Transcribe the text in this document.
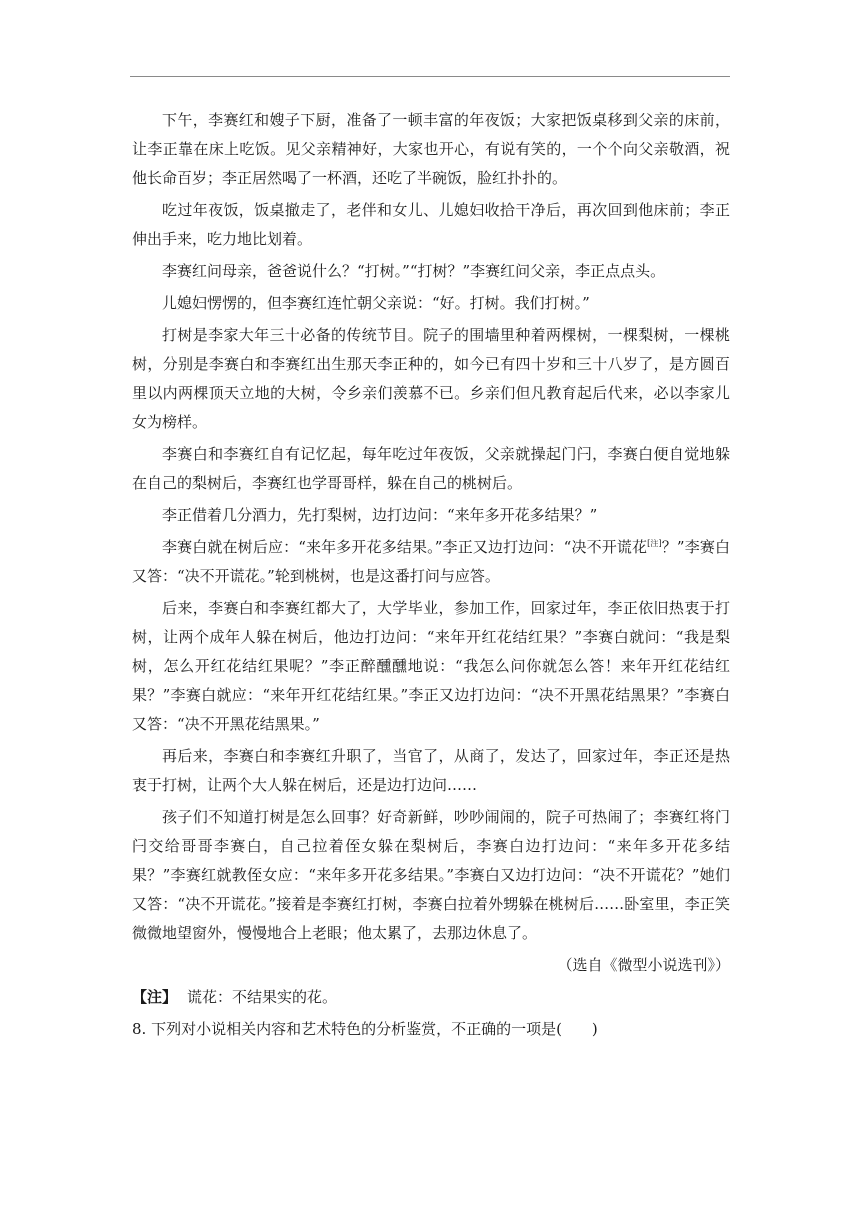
下午，李赛红和嫂子下厨，准备了一顿丰富的年夜饭；大家把饭桌移到父亲的床前，让李正靠在床上吃饭。见父亲精神好，大家也开心，有说有笑的，一个个向父亲敬酒，祝他长命百岁；李正居然喝了一杯酒，还吃了半碗饭，脸红扑扑的。

吃过年夜饭，饭桌撤走了，老伴和女儿、儿媳妇收拾干净后，再次回到他床前；李正伸出手来，吃力地比划着。

李赛红问母亲，爸爸说什么？“打树。”“打树？”李赛红问父亲，李正点点头。

儿媳妇愣愣的，但李赛红连忙朝父亲说：“好。打树。我们打树。”

打树是李家大年三十必备的传统节目。院子的围墙里种着两棵树，一棵梨树，一棵桃树，分别是李赛白和李赛红出生那天李正种的，如今已有四十岁和三十八岁了，是方圆百里以内两棵顶天立地的大树，令乡亲们羡慕不已。乡亲们但凡教育起后代来，必以李家儿女为榜样。

李赛白和李赛红自有记忆起，每年吃过年夜饭，父亲就操起门闩，李赛白便自觉地躲在自己的梨树后，李赛红也学哥哥样，躲在自己的桃树后。

李正借着几分酒力，先打梨树，边打边问：“来年多开花多结果？”

李赛白就在树后应：“来年多开花多结果。”李正又边打边问：“决不开谎花[注]？”李赛白又答：“决不开谎花。”轮到桃树，也是这番打问与应答。

后来，李赛白和李赛红都大了，大学毕业，参加工作，回家过年，李正依旧热衷于打树，让两个成年人躲在树后，他边打边问：“来年开红花结红果？”李赛白就问：“我是梨树，怎么开红花结红果呢？”李正醉醺醺地说：“我怎么问你就怎么答！来年开红花结红果？”李赛白就应：“来年开红花结红果。”李正又边打边问：“决不开黑花结黑果？”李赛白又答：“决不开黑花结黑果。”

再后来，李赛白和李赛红升职了，当官了，从商了，发达了，回家过年，李正还是热衷于打树，让两个大人躲在树后，还是边打边问……

孩子们不知道打树是怎么回事？好奇新鲜，吵吵闹闹的，院子可热闹了；李赛红将门闩交给哥哥李赛白，自己拉着侄女躲在梨树后，李赛白边打边问：“来年多开花多结果？”李赛红就教侄女应：“来年多开花多结果。”李赛白又边打边问：“决不开谎花？”她们又答：“决不开谎花。”接着是李赛红打树，李赛白拉着外甥躲在桃树后……卧室里，李正笑微微地望窗外，慢慢地合上老眼；他太累了，去那边休息了。

（选自《微型小说选刊》）

【注】 谎花：不结果实的花。

8. 下列对小说相关内容和艺术特色的分析鉴赏，不正确的一项是(　　)
